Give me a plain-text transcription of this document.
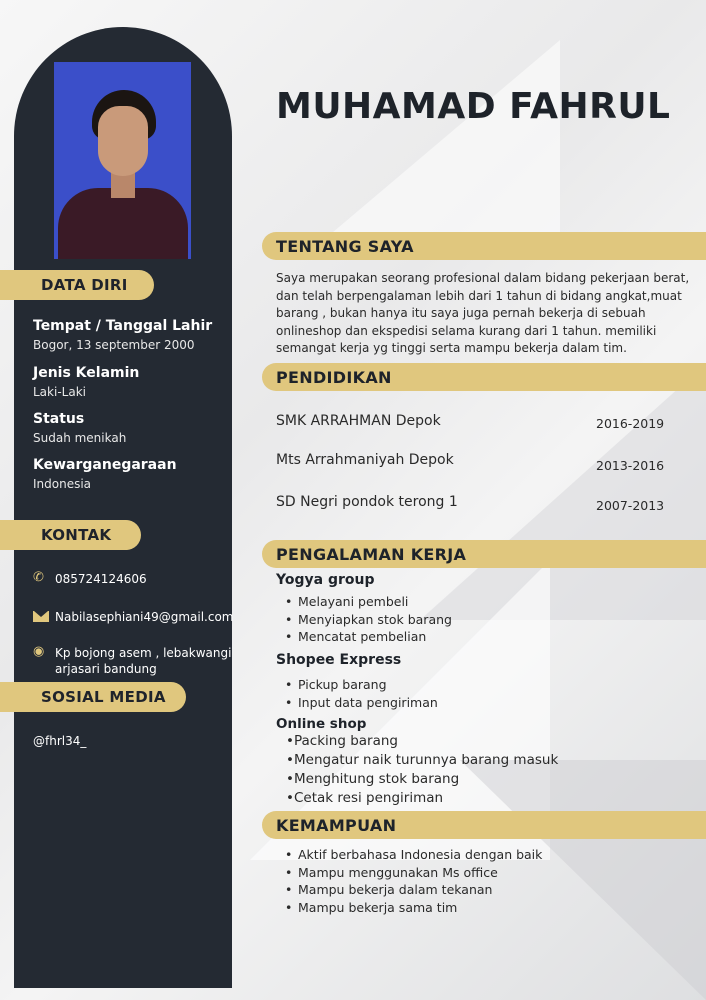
DATA DIRI
Tempat / Tanggal Lahir
Bogor, 13 september 2000
Jenis Kelamin
Laki-Laki
Status
Sudah menikah
Kewarganegaraan
Indonesia
KONTAK
✆ 085724124606
Nabilasephiani49@gmail.com
◉ Kp bojong asem , lebakwangi
arjasari bandung
SOSIAL MEDIA
@fhrl34_
MUHAMAD FAHRUL
TENTANG SAYA
Saya merupakan seorang profesional dalam bidang pekerjaan berat, dan telah berpengalaman lebih dari 1 tahun di bidang angkat,muat barang , bukan hanya itu saya juga pernah bekerja di sebuah onlineshop dan ekspedisi selama kurang dari 1 tahun. memiliki semangat kerja yg tinggi serta mampu bekerja dalam tim.
PENDIDIKAN
SMK ARRAHMAN Depok	2016-2019
Mts Arrahmaniyah Depok	2013-2016
SD Negri pondok terong 1	2007-2013
PENGALAMAN KERJA
Yogya group
• Melayani pembeli
• Menyiapkan stok barang
• Mencatat pembelian
Shopee Express
• Pickup barang
• Input data pengiriman
Online shop
• Packing barang
• Mengatur naik turunnya barang masuk
• Menghitung stok barang
• Cetak resi pengiriman
KEMAMPUAN
• Aktif berbahasa Indonesia dengan baik
• Mampu menggunakan Ms office
• Mampu bekerja dalam tekanan
• Mampu bekerja sama tim
